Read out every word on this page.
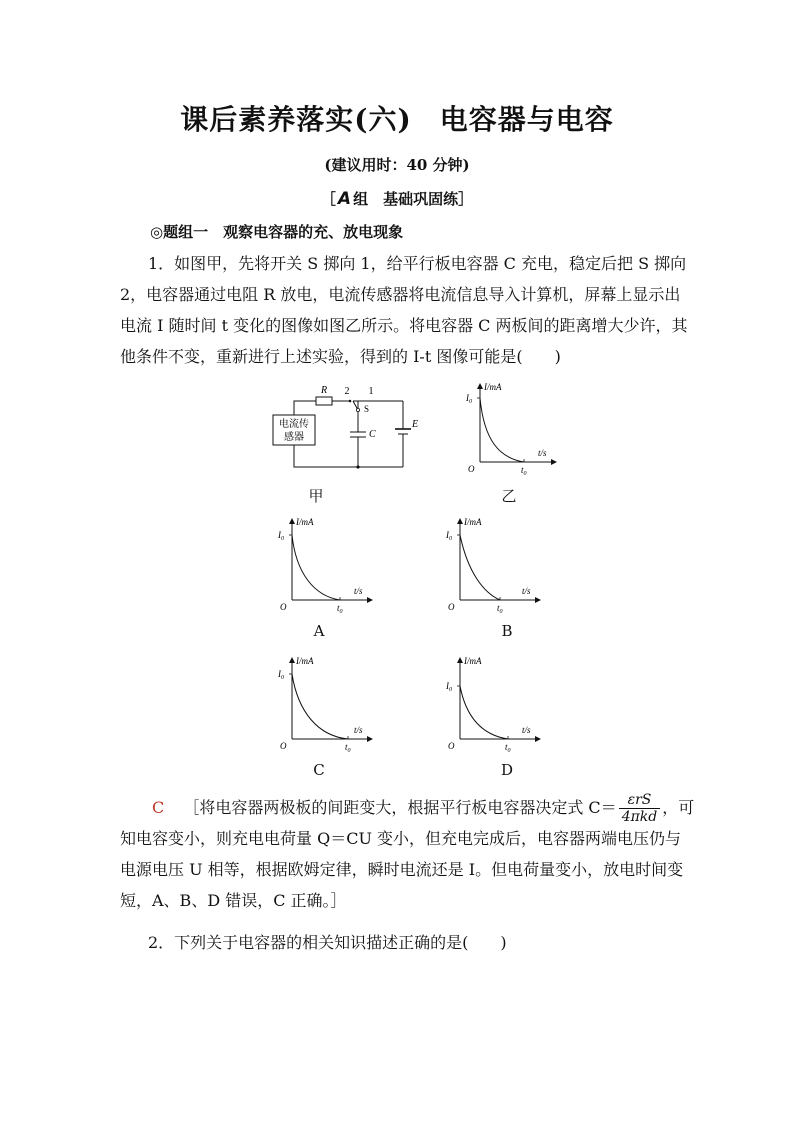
课后素养落实(六) 电容器与电容
(建议用时：40 分钟)
［ A 组　基础巩固练］
◎题组一　观察电容器的充、放电现象
1．如图甲，先将开关 S 掷向 1，给平行板电容器 C 充电，稳定后把 S 掷向
2，电容器通过电阻 R 放电，电流传感器将电流信息导入计算机，屏幕上显示出
电流 I 随时间 t 变化的图像如图乙所示。将电容器 C 两板间的距离增大少许，其
他条件不变，重新进行上述实验，得到的 I-t 图像可能是(　　)
电流传
感器
R 2 1
S
C
E
甲
I/mA
t/s
$I_0$
$t_0$
O
乙
I/mA
t/s
$I_0$
$t_0$
O
A
I/mA
t/s
$I_0$
$t_0$
O
B
I/mA
t/s
$I_0$
$t_0$
O
C
I/mA
t/s
$I_0$
$t_0$
O
D
C ［将电容器两极板的间距变大，根据平行板电容器决定式 $C= \frac{\text{εrS}}{\text{4πkd}}$ ，可
知电容变小，则充电电荷量 Q＝CU 变小，但充电完成后，电容器两端电压仍与
电源电压 U 相等，根据欧姆定律，瞬时电流还是 I。但电荷量变小，放电时间变
短，A、B、D 错误，C 正确。］
2．下列关于电容器的相关知识描述正确的是(　　)
